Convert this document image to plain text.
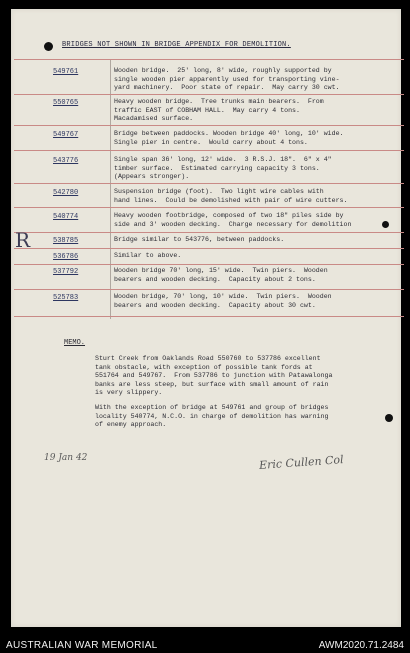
BRIDGES NOT SHOWN IN BRIDGE APPENDIX FOR DEMOLITION.
549761	Wooden bridge.  25' long, 8' wide, roughly supported by
single wooden pier apparently used for transporting vine-
yard machinery.  Poor state of repair.  May carry 30 cwt.
550765	Heavy wooden bridge.  Tree trunks main bearers.  From
traffic EAST of COBHAM HALL.  May carry 4 tons.
Macadamised surface.
549767	Bridge between paddocks. Wooden bridge 40' long, 10' wide.
Single pier in centre.  Would carry about 4 tons.
543776	Single span 36' long, 12' wide.  3 R.S.J. 18".  6" x 4"
timber surface.  Estimated carrying capacity 3 tons.
(Appears stronger).
542780	Suspension bridge (foot).  Two light wire cables with
hand lines.  Could be demolished with pair of wire cutters.
540774	Heavy wooden footbridge, composed of two 18" piles side by
side and 3' wooden decking.  Charge necessary for demolition
538785	Bridge similar to 543776, between paddocks.
536786	Similar to above.
537792	Wooden bridge 70' long, 15' wide.  Twin piers.  Wooden
bearers and wooden decking.  Capacity about 2 tons.
525783	Wooden bridge, 70' long, 10' wide.  Twin piers.  Wooden
bearers and wooden decking.  Capacity about 30 cwt.
R
MEMO.
Sturt Creek from Oaklands Road 550760 to 537786 excellent
tank obstacle, with exception of possible tank fords at
551764 and 549767.  From 537786 to junction with Patawalonga
banks are less steep, but surface with small amount of rain
is very slippery.
With the exception of bridge at 549761 and group of bridges
locality 540774, N.C.O. in charge of demolition has warning
of enemy approach.
19 Jan 42	Eric Cullen Col
AUSTRALIAN WAR MEMORIAL	AWM2020.71.2484
